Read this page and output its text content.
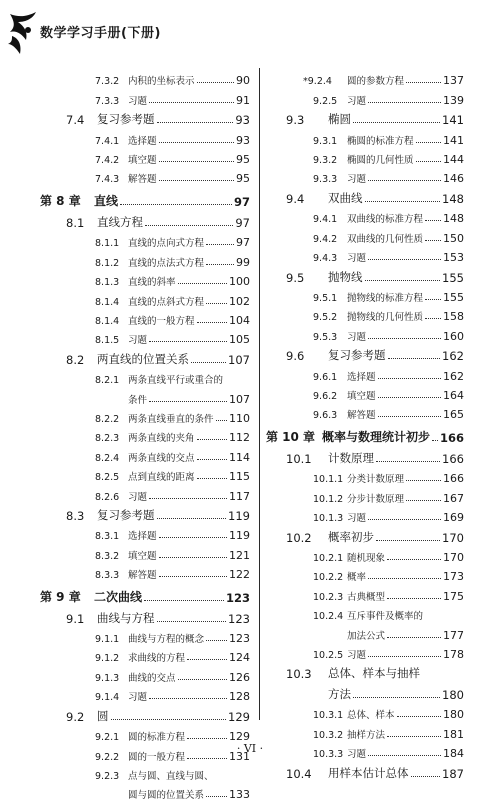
数学学习手册(下册)
7.3.2 内积的坐标表示	90
7.3.3 习题	91
7.4	复习参考题	93
7.4.1 选择题	93
7.4.2 填空题	95
7.4.3 解答题	95
第 8 章	直线	97
8.1	直线方程	97
8.1.1 直线的点向式方程	97
8.1.2 直线的点法式方程	99
8.1.3 直线的斜率	100
8.1.4 直线的点斜式方程 102
8.1.4 直线的一般方程	104
8.1.5 习题	105
8.2	两直线的位置关系	107
8.2.1 两条直线平行或重合的
条件	107
8.2.2 两条直线垂直的条件 110
8.2.3 两条直线的夹角	112
8.2.4 两条直线的交点	114
8.2.5 点到直线的距离	115
8.2.6 习题	117
8.3	复习参考题	119
8.3.1 选择题	119
8.3.2 填空题	121
8.3.3 解答题	122
第 9 章	二次曲线	123
9.1	曲线与方程	123
9.1.1 曲线与方程的概念 123
9.1.2 求曲线的方程	124
9.1.3 曲线的交点	126
9.1.4 习题	128
9.2	圆	129
9.2.1 圆的标准方程	129
9.2.2 圆的一般方程	131
9.2.3 点与圆、直线与圆、
圆与圆的位置关系 133
*9.2.4	圆的参数方程	137
9.2.5	习题	139
9.3	椭圆	141
9.3.1	椭圆的标准方程	141
9.3.2	椭圆的几何性质	144
9.3.3	习题	146
9.4	双曲线	148
9.4.1	双曲线的标准方程 148
9.4.2	双曲线的几何性质 150
9.4.3	习题	153
9.5	抛物线	155
9.5.1	抛物线的标准方程 155
9.5.2	抛物线的几何性质 158
9.5.3	习题	160
9.6	复习参考题	162
9.6.1	选择题	162
9.6.2	填空题	164
9.6.3	解答题	165
第 10 章 概率与数理统计初步 166
10.1	计数原理	166
10.1.1 分类计数原理	166
10.1.2 分步计数原理	167
10.1.3 习题	169
10.2	概率初步	170
10.2.1 随机现象	170
10.2.2 概率	173
10.2.3 古典概型	175
10.2.4 互斥事件及概率的
加法公式	177
10.2.5 习题	178
10.3	总体、样本与抽样
方法	180
10.3.1 总体、样本	180
10.3.2 抽样方法	181
10.3.3 习题	184
10.4	用样本估计总体	187
· VI ·
